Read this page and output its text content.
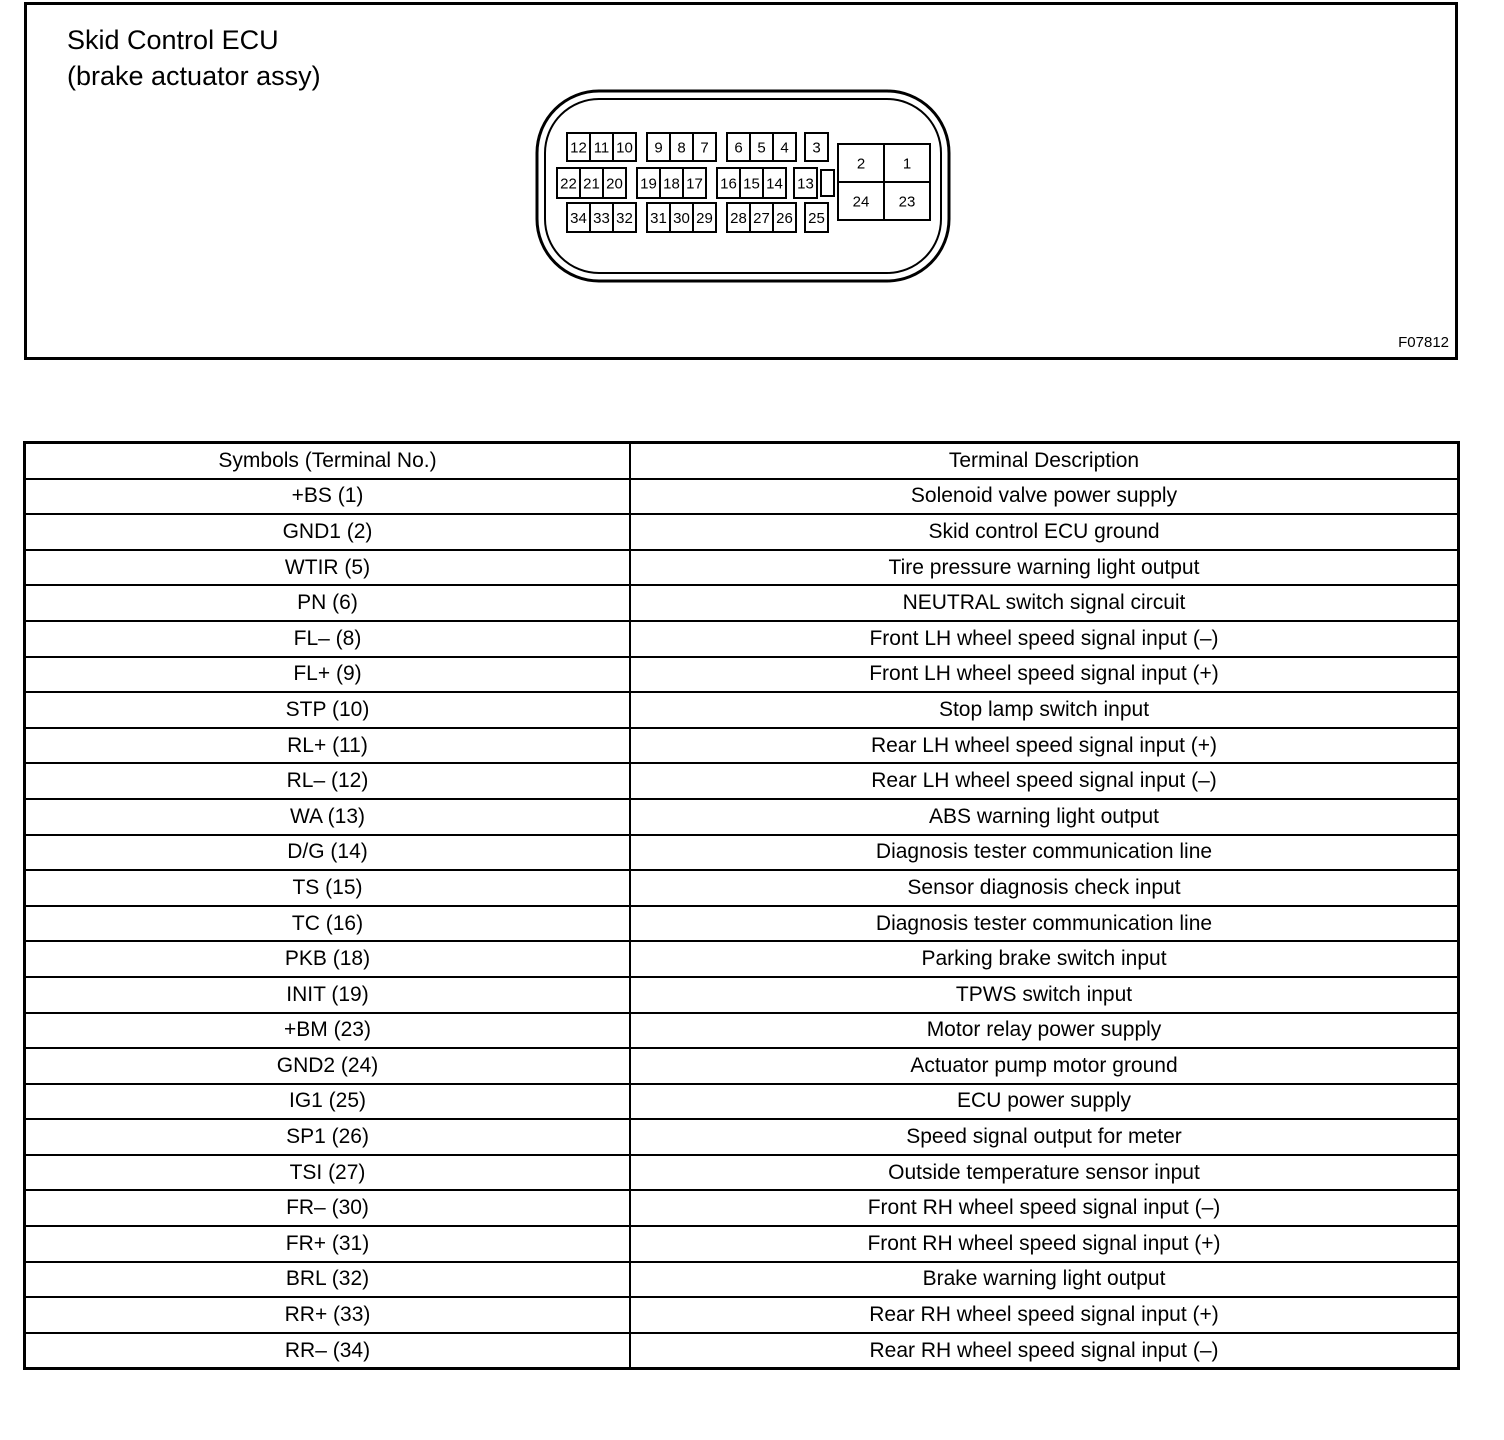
Skid Control ECU
(brake actuator assy)
12 11 10 9 8 7 6 5 4 3
22 21 20 19 18 17 16 15 14 13
34 33 32 31 30 29 28 27 26 25
2	1
24 23
F07812
Symbols (Terminal No.)	Terminal Description
+BS (1)	Solenoid valve power supply
GND1 (2)	Skid control ECU ground
WTIR (5)	Tire pressure warning light output
PN (6)	NEUTRAL switch signal circuit
FL– (8)	Front LH wheel speed signal input (–)
FL+ (9)	Front LH wheel speed signal input (+)
STP (10)	Stop lamp switch input
RL+ (11)	Rear LH wheel speed signal input (+)
RL– (12)	Rear LH wheel speed signal input (–)
WA (13)	ABS warning light output
D/G (14)	Diagnosis tester communication line
TS (15)	Sensor diagnosis check input
TC (16)	Diagnosis tester communication line
PKB (18)	Parking brake switch input
INIT (19)	TPWS switch input
+BM (23)	Motor relay power supply
GND2 (24)	Actuator pump motor ground
IG1 (25)	ECU power supply
SP1 (26)	Speed signal output for meter
TSI (27)	Outside temperature sensor input
FR– (30)	Front RH wheel speed signal input (–)
FR+ (31)	Front RH wheel speed signal input (+)
BRL (32)	Brake warning light output
RR+ (33)	Rear RH wheel speed signal input (+)
RR– (34)	Rear RH wheel speed signal input (–)
